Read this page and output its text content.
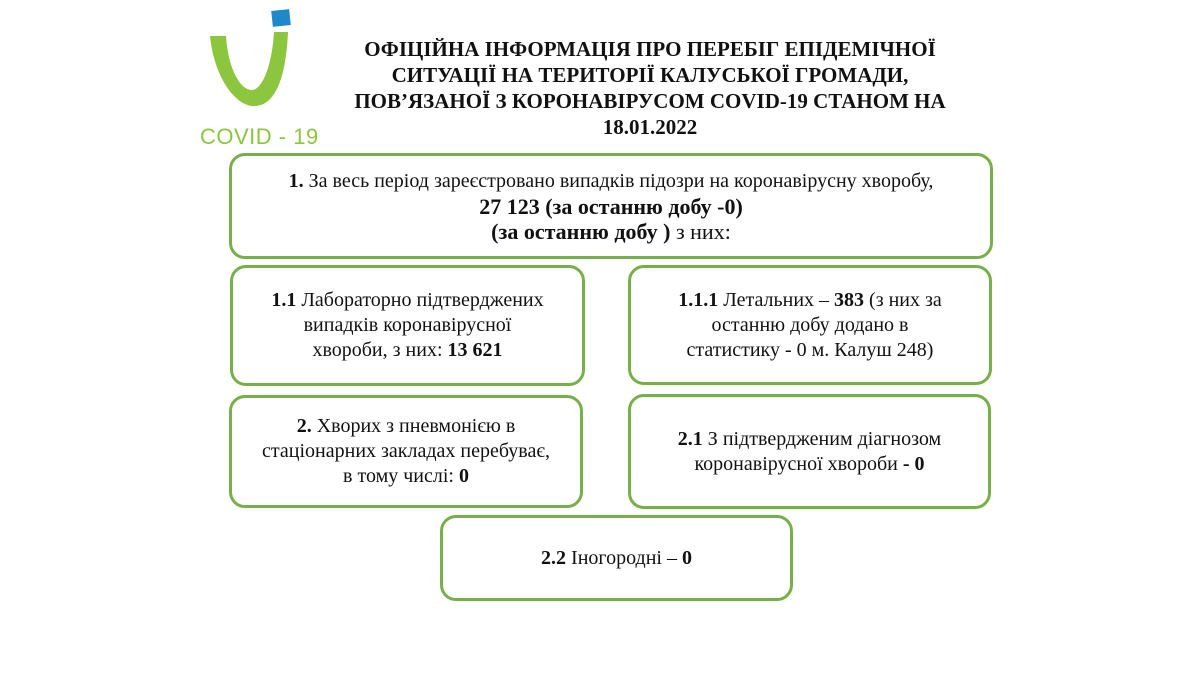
COVID - 19
ОФІЦІЙНА ІНФОРМАЦІЯ ПРО ПЕРЕБІГ ЕПІДЕМІЧНОЇ
СИТУАЦІЇ НА ТЕРИТОРІЇ КАЛУСЬКОЇ ГРОМАДИ,
ПОВ’ЯЗАНОЇ З КОРОНАВІРУСОМ COVID-19 СТАНОМ НА
18.01.2022
1. За весь період зареєстровано випадків підозри на коронавірусну хворобу,
27 123 (за останню добу -0)
(за останню добу ) з них:
1.1 Лабораторно підтверджених
випадків коронавірусної
хвороби, з них: 13 621
1.1.1 Летальних – 383 (з них за
останню добу додано в
статистику - 0 м. Калуш 248)
2. Хворих з пневмонією в
стаціонарних закладах перебуває,
в тому числі: 0
2.1 З підтвердженим діагнозом
коронавірусної хвороби - 0
2.2 Іногородні – 0
